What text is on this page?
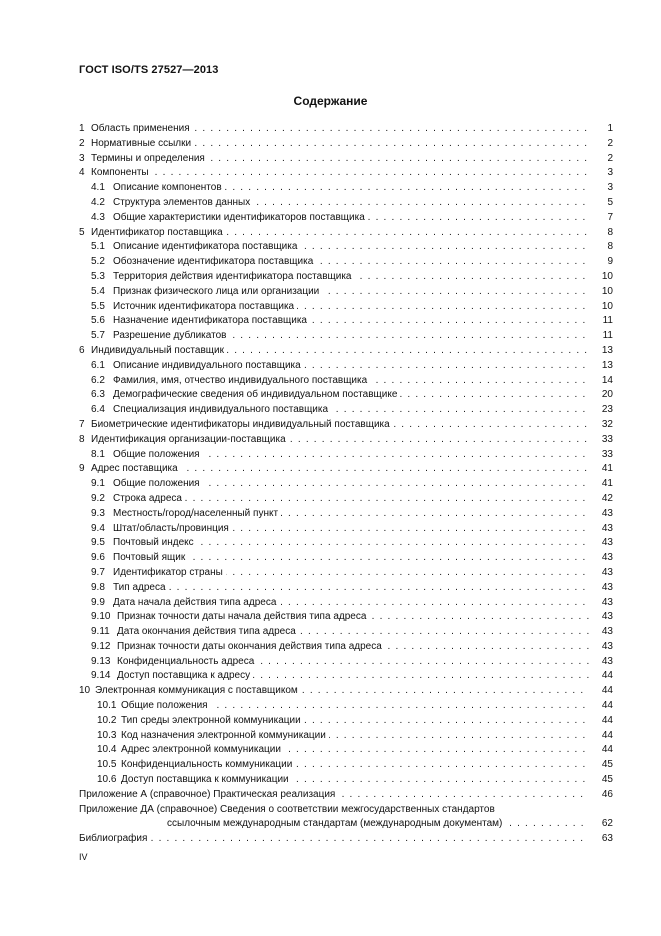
ГОСТ ISO/TS 27527—2013
Содержание
1 Область применения . . .	1
2 Нормативные ссылки . . .	2
3 Термины и определения . . .	2
4 Компоненты . . .	3
4.1 Описание компонентов . . .	3
4.2 Структура элементов данных . . .	5
4.3 Общие характеристики идентификаторов поставщика . . .	7
5 Идентификатор поставщика . . .	8
5.1 Описание идентификатора поставщика . . .	8
5.2 Обозначение идентификатора поставщика . . .	9
5.3 Территория действия идентификатора поставщика . . .	10
5.4 Признак физического лица или организации . . .	10
5.5 Источник идентификатора поставщика . . .	10
5.6 Назначение идентификатора поставщика . . .	11
5.7 Разрешение дубликатов . . .	11
6 Индивидуальный поставщик . . .	13
6.1 Описание индивидуального поставщика . . .	13
6.2 Фамилия, имя, отчество индивидуального поставщика . . .	14
6.3 Демографические сведения об индивидуальном поставщике . . .	20
6.4 Специализация индивидуального поставщика . . .	23
7 Биометрические идентификаторы индивидуальный поставщика . . .	32
8 Идентификация организации-поставщика . . .	33
8.1 Общие положения . . .	33
9 Адрес поставщика . . .	41
9.1 Общие положения . . .	41
9.2 Строка адреса . . .	42
9.3 Местность/город/населенный пункт . . .	43
9.4 Штат/область/провинция . . .	43
9.5 Почтовый индекс . . .	43
9.6 Почтовый ящик . . .	43
9.7 Идентификатор страны . . .	43
9.8 Тип адреса . . .	43
9.9 Дата начала действия типа адреса . . .	43
9.10 Признак точности даты начала действия типа адреса . . .	43
9.11 Дата окончания действия типа адреса . . .	43
9.12 Признак точности даты окончания действия типа адреса . . .	43
9.13 Конфиденциальность адреса . . .	43
9.14 Доступ поставщика к адресу . . .	44
10 Электронная коммуникация с поставщиком . . .	44
10.1 Общие положения . . .	44
10.2 Тип среды электронной коммуникации . . .	44
10.3 Код назначения электронной коммуникации . . .	44
10.4 Адрес электронной коммуникации . . .	44
10.5 Конфиденциальность коммуникации . . .	45
10.6 Доступ поставщика к коммуникации . . .	45
Приложение А (справочное) Практическая реализация . . .	46
Приложение ДА (справочное) Сведения о соответствии межгосударственных стандартов
ссылочным международным стандартам (международным документам) . . .	62
Библиография . . .	63
IV
